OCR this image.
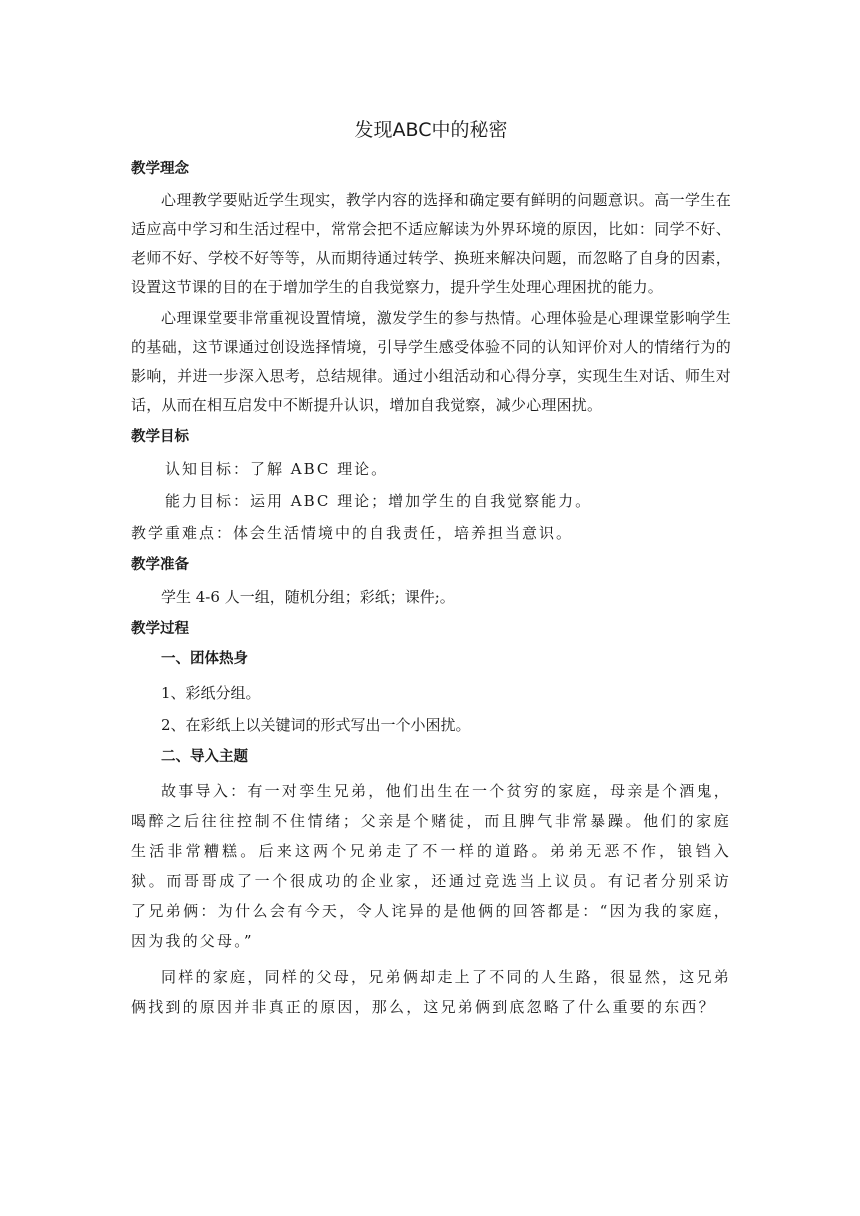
发现ABC中的秘密
教学理念

心理教学要贴近学生现实，教学内容的选择和确定要有鲜明的问题意识。高一学生在适应高中学习和生活过程中，常常会把不适应解读为外界环境的原因，比如：同学不好、老师不好、学校不好等等，从而期待通过转学、换班来解决问题，而忽略了自身的因素，设置这节课的目的在于增加学生的自我觉察力，提升学生处理心理困扰的能力。

心理课堂要非常重视设置情境，激发学生的参与热情。心理体验是心理课堂影响学生的基础，这节课通过创设选择情境，引导学生感受体验不同的认知评价对人的情绪行为的影响，并进一步深入思考，总结规律。通过小组活动和心得分享，实现生生对话、师生对话，从而在相互启发中不断提升认识，增加自我觉察，减少心理困扰。

教学目标
认知目标：了解 ABC 理论。
能力目标：运用 ABC 理论；增加学生的自我觉察能力。
教学重难点：体会生活情境中的自我责任，培养担当意识。
教学准备
学生 4-6 人一组，随机分组；彩纸；课件;。
教学过程
一、团体热身
1、彩纸分组。
2、在彩纸上以关键词的形式写出一个小困扰。
二、导入主题

故事导入：有一对孪生兄弟，他们出生在一个贫穷的家庭，母亲是个酒鬼，喝醉之后往往控制不住情绪；父亲是个赌徒，而且脾气非常暴躁。他们的家庭生活非常糟糕。后来这两个兄弟走了不一样的道路。弟弟无恶不作，锒铛入狱。而哥哥成了一个很成功的企业家，还通过竞选当上议员。有记者分别采访了兄弟俩：为什么会有今天，令人诧异的是他俩的回答都是：“因为我的家庭，因为我的父母。”

同样的家庭，同样的父母，兄弟俩却走上了不同的人生路，很显然，这兄弟俩找到的原因并非真正的原因，那么，这兄弟俩到底忽略了什么重要的东西？
